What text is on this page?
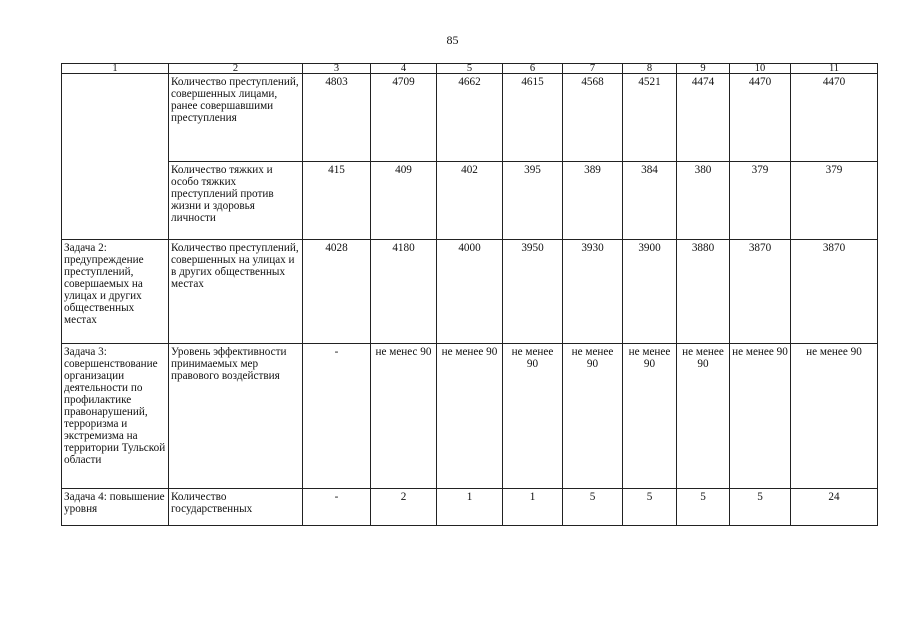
85
1	2	3	4	5	6	7	8	9	10	11
	Количество преступлений, совершенных лицами, ранее совершавшими преступления	4803	4709	4662	4615	4568	4521	4474	4470	4470
	Количество тяжких и особо тяжких преступлений против жизни и здоровья личности	415	409	402	395	389	384	380	379	379
Задача 2: предупреждение преступлений, совершаемых на улицах и других общественных местах	Количество преступлений, совершенных на улицах и в других общественных местах	4028	4180	4000	3950	3930	3900	3880	3870	3870
Задача 3: совершенствование организации деятельности по профилактике правонарушений, терроризма и экстремизма на территории Тульской области	Уровень эффективности принимаемых мер правового воздействия	-	не менес 90	не менее 90	не менее 90	не менее 90	не менее 90	не менее 90	не менее 90	не менее 90
Задача 4: повышение уровня	Количество государственных	-	2	1	1	5	5	5	5	24
